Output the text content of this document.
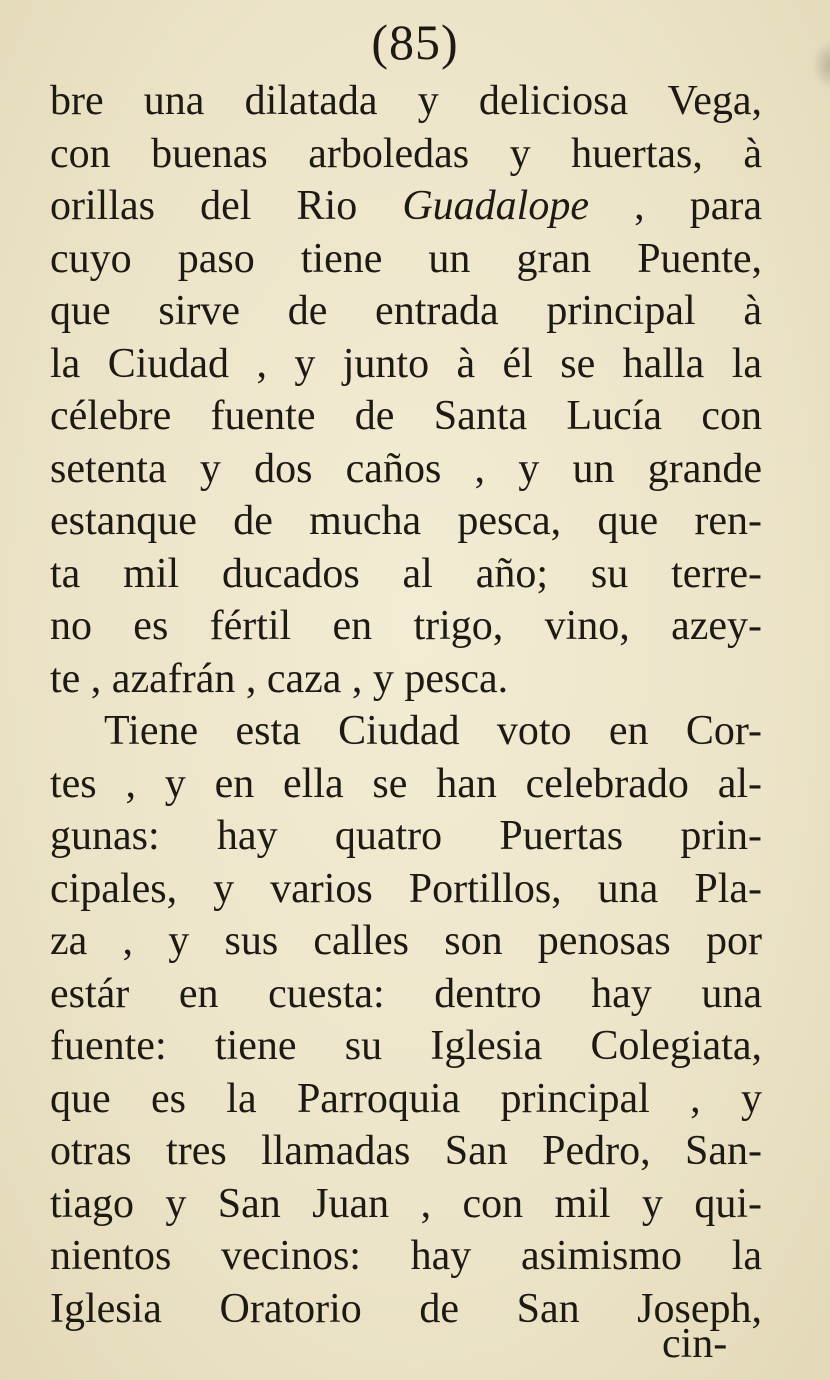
(85)
bre una dilatada y deliciosa Vega,
con buenas arboledas y huertas, à
orillas del Rio Guadalope , para
cuyo paso tiene un gran Puente,
que sirve de entrada principal à
la Ciudad , y junto à él se halla la
célebre fuente de Santa Lucía con
setenta y dos caños , y un grande
estanque de mucha pesca, que ren-
ta mil ducados al año; su terre-
no es fértil en trigo, vino, azey-
te , azafrán , caza , y pesca.
Tiene esta Ciudad voto en Cor-
tes , y en ella se han celebrado al-
gunas: hay quatro Puertas prin-
cipales, y varios Portillos, una Pla-
za , y sus calles son penosas por
estár en cuesta: dentro hay una
fuente: tiene su Iglesia Colegiata,
que es la Parroquia principal , y
otras tres llamadas San Pedro, San-
tiago y San Juan , con mil y qui-
nientos vecinos: hay asimismo la
Iglesia Oratorio de San Joseph,
cin-
